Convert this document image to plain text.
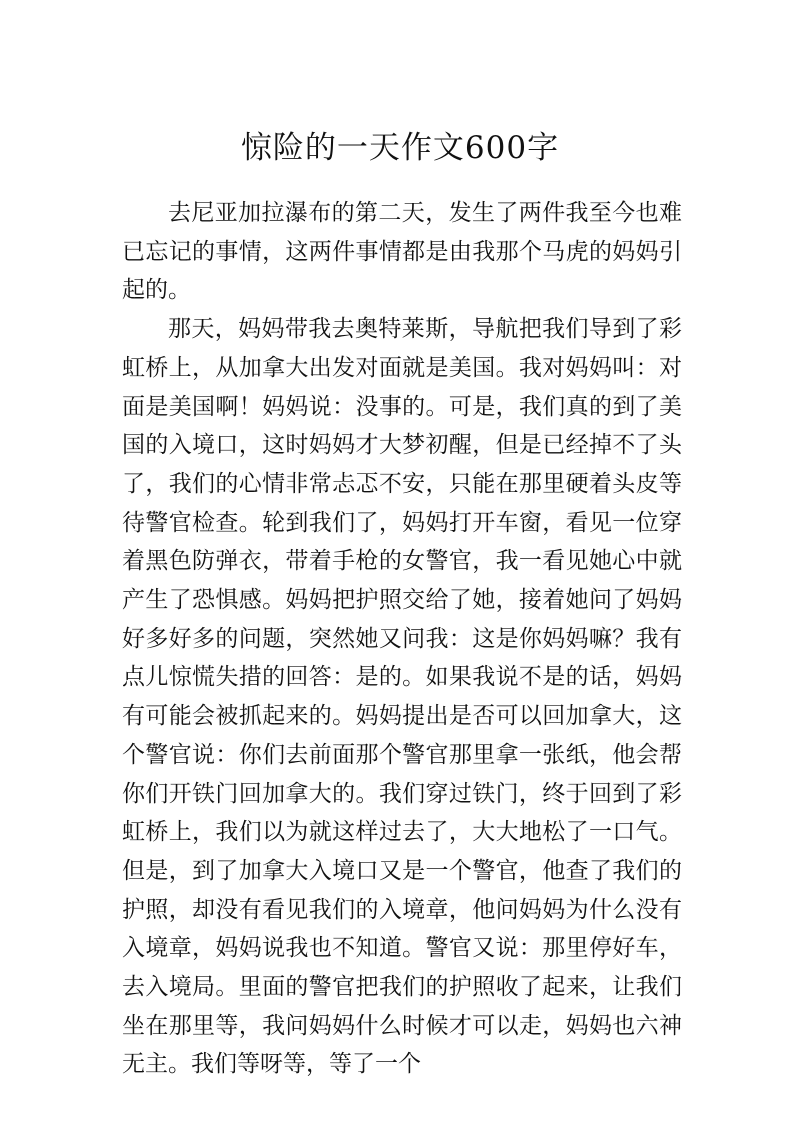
惊险的一天作文600字

去尼亚加拉瀑布的第二天，发生了两件我至今也难已忘记的事情，这两件事情都是由我那个马虎的妈妈引起的。

那天，妈妈带我去奥特莱斯，导航把我们导到了彩虹桥上，从加拿大出发对面就是美国。我对妈妈叫：对面是美国啊！妈妈说：没事的。可是，我们真的到了美国的入境口，这时妈妈才大梦初醒，但是已经掉不了头了，我们的心情非常忐忑不安，只能在那里硬着头皮等待警官检查。轮到我们了，妈妈打开车窗，看见一位穿着黑色防弹衣，带着手枪的女警官，我一看见她心中就产生了恐惧感。妈妈把护照交给了她，接着她问了妈妈好多好多的问题，突然她又问我：这是你妈妈嘛？我有点儿惊慌失措的回答：是的。如果我说不是的话，妈妈有可能会被抓起来的。妈妈提出是否可以回加拿大，这个警官说：你们去前面那个警官那里拿一张纸，他会帮你们开铁门回加拿大的。我们穿过铁门，终于回到了彩虹桥上，我们以为就这样过去了，大大地松了一口气。但是，到了加拿大入境口又是一个警官，他查了我们的护照，却没有看见我们的入境章，他问妈妈为什么没有入境章，妈妈说我也不知道。警官又说：那里停好车，去入境局。里面的警官把我们的护照收了起来，让我们坐在那里等，我问妈妈什么时候才可以走，妈妈也六神无主。我们等呀等，等了一个
